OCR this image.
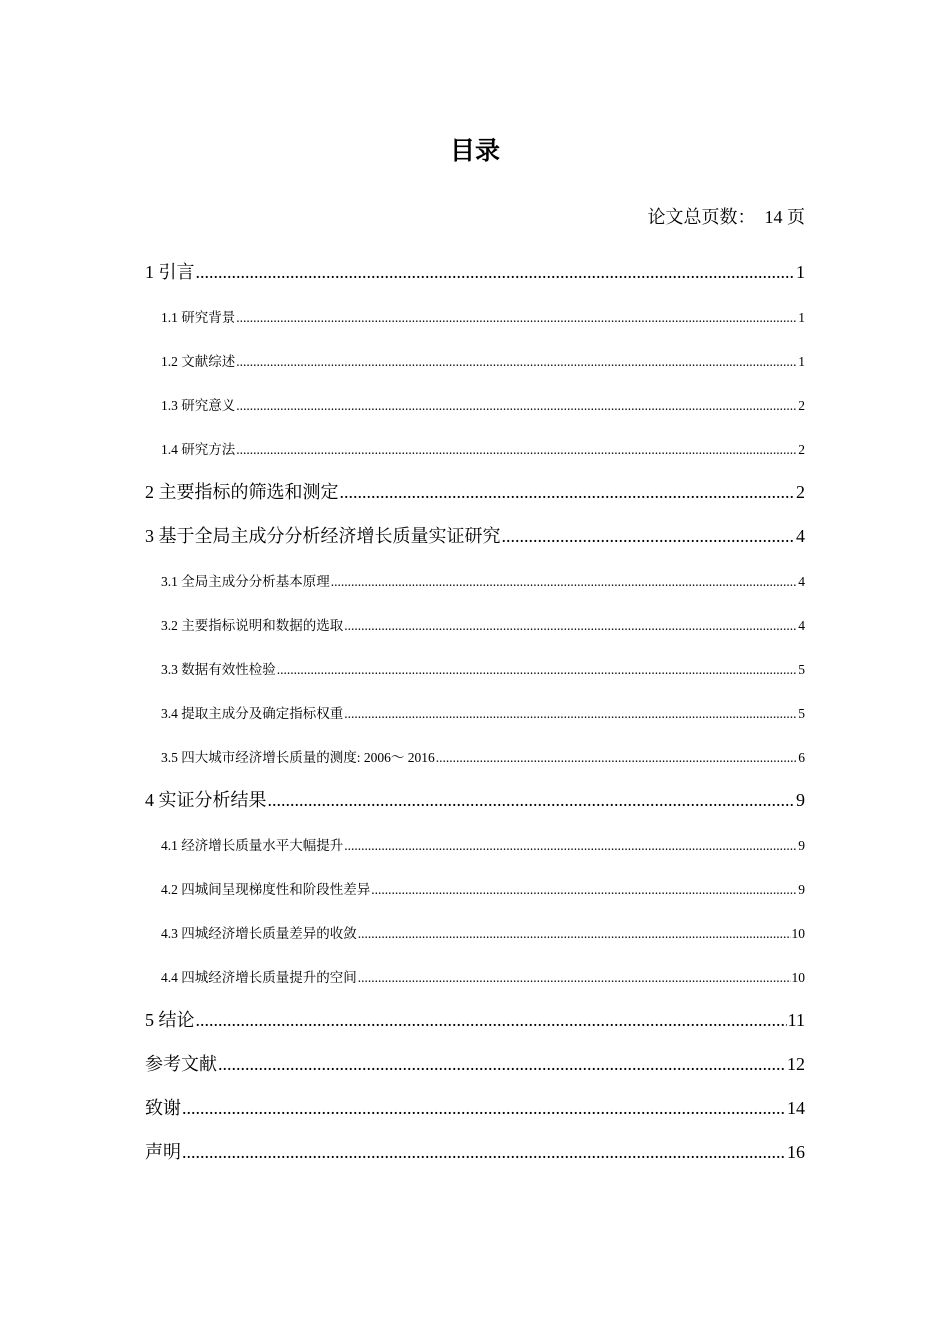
目录
论文总页数：  14 页
1 引言 .....	1
1.1 研究背景 .....	1
1.2 文献综述 .....	1
1.3 研究意义 .....	2
1.4 研究方法 .....	2
2 主要指标的筛选和测定 .....	2
3 基于全局主成分分析经济增长质量实证研究 .....	4
3.1 全局主成分分析基本原理 .....	4
3.2 主要指标说明和数据的选取 .....	4
3.3 数据有效性检验 .....	5
3.4 提取主成分及确定指标权重 .....	5
3.5 四大城市经济增长质量的测度: 2006～ 2016 .....	6
4 实证分析结果 .....	9
4.1 经济增长质量水平大幅提升 .....	9
4.2 四城间呈现梯度性和阶段性差异 .....	9
4.3 四城经济增长质量差异的收敛 .....	10
4.4 四城经济增长质量提升的空间 .....	10
5 结论 .....	11
参考文献 .....	12
致谢 .....	14
声明 .....	16
